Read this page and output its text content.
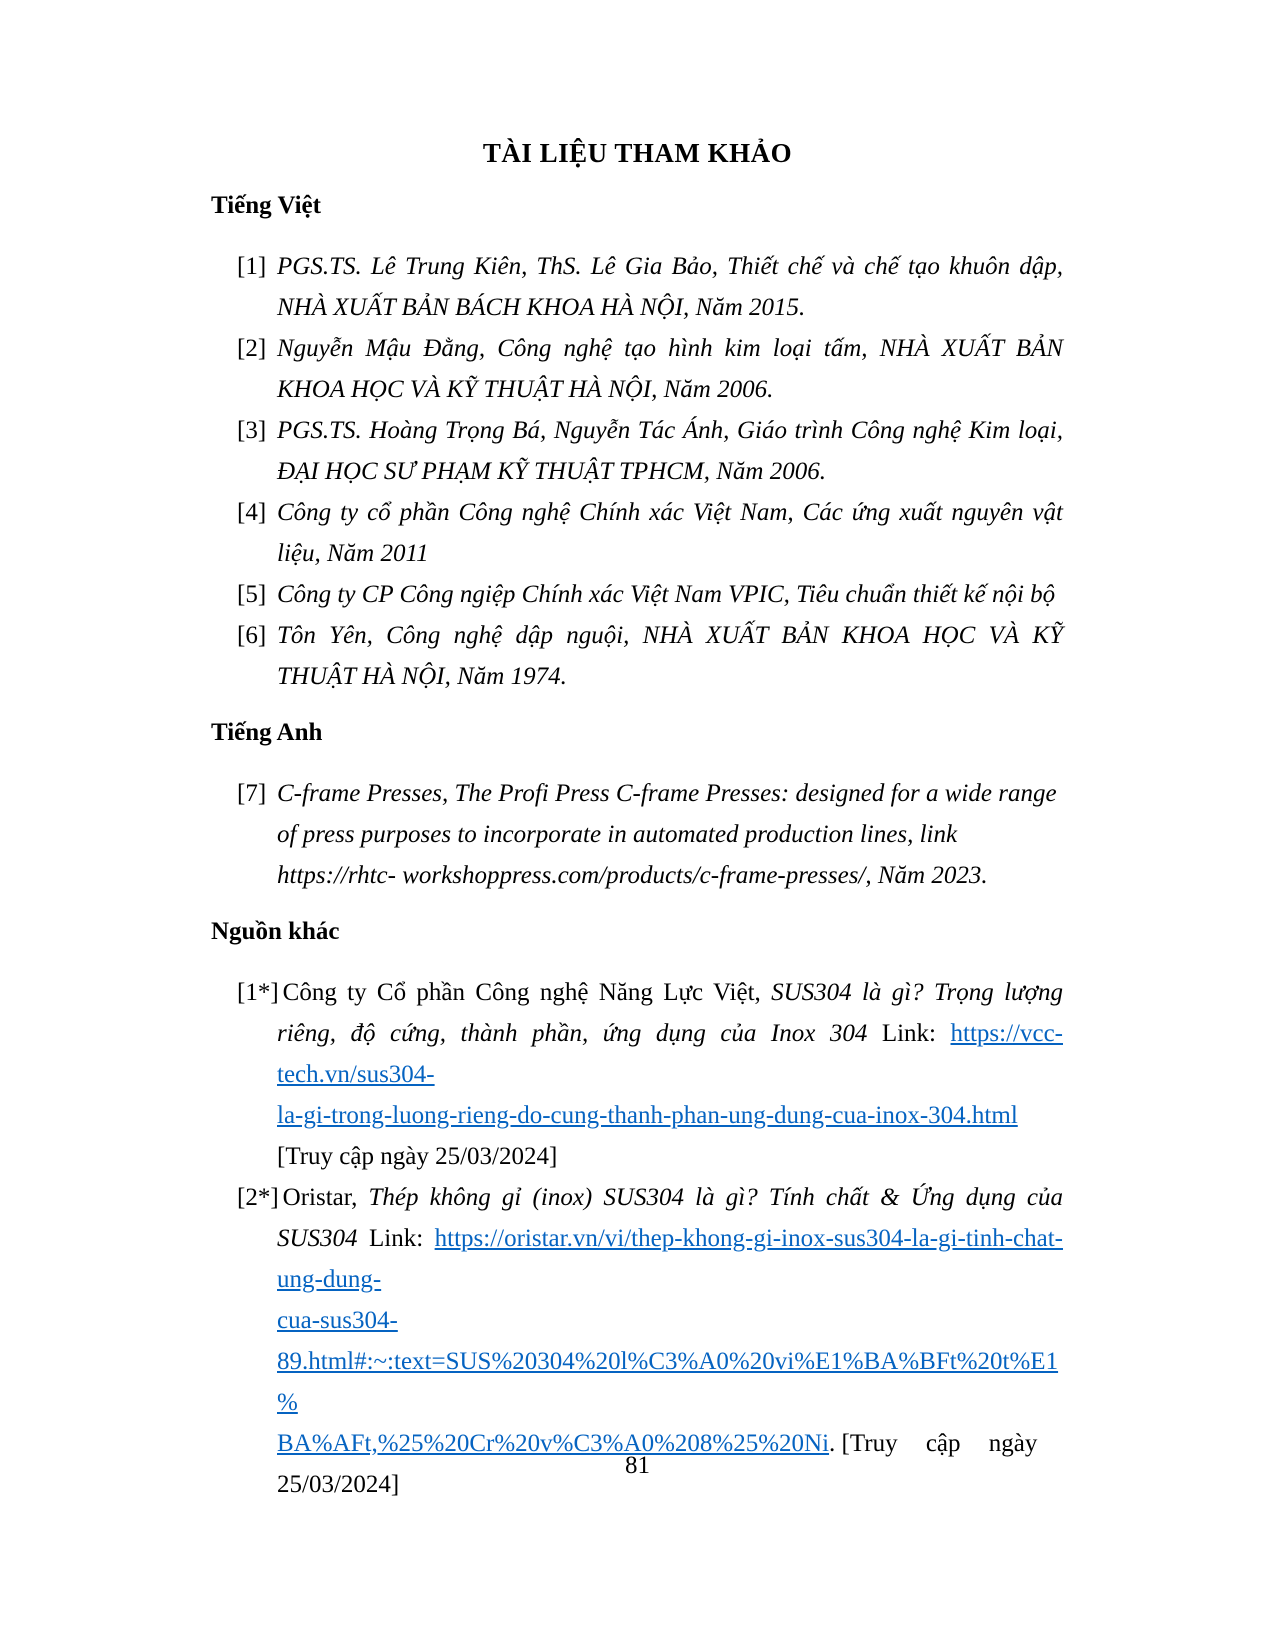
TÀI LIỆU THAM KHẢO
Tiếng Việt

[1] PGS.TS. Lê Trung Kiên, ThS. Lê Gia Bảo, Thiết chế và chế tạo khuôn dập, NHÀ XUẤT BẢN BÁCH KHOA HÀ NỘI, Năm 2015.

[2] Nguyễn Mậu Đằng, Công nghệ tạo hình kim loại tấm, NHÀ XUẤT BẢN KHOA HỌC VÀ KỸ THUẬT HÀ NỘI, Năm 2006.

[3] PGS.TS. Hoàng Trọng Bá, Nguyễn Tác Ánh, Giáo trình Công nghệ Kim loại, ĐẠI HỌC SƯ PHẠM KỸ THUẬT TPHCM, Năm 2006.

[4] Công ty cổ phần Công nghệ Chính xác Việt Nam, Các ứng xuất nguyên vật liệu, Năm 2011

[5] Công ty CP Công ngiệp Chính xác Việt Nam VPIC, Tiêu chuẩn thiết kế nội bộ

[6] Tôn Yên, Công nghệ dập nguội, NHÀ XUẤT BẢN KHOA HỌC VÀ KỸ THUẬT HÀ NỘI, Năm 1974.

Tiếng Anh

[7] C-frame Presses, The Profi Press C-frame Presses: designed for a wide range
of press purposes to incorporate in automated production lines, link
https://rhtc- workshoppress.com/products/c-frame-presses/, Năm 2023.

Nguồn khác

[1*] Công ty Cổ phần Công nghệ Năng Lực Việt, SUS304 là gì? Trọng lượng riêng, độ cứng, thành phần, ứng dụng của Inox 304 Link: https://vcc-tech.vn/sus304-
la-gi-trong-luong-rieng-do-cung-thanh-phan-ung-dung-cua-inox-304.html [Truy cập ngày 25/03/2024]

[2*] Oristar, Thép không gỉ (inox) SUS304 là gì? Tính chất & Ứng dụng của SUS304 Link: https://oristar.vn/vi/thep-khong-gi-inox-sus304-la-gi-tinh-chat-ung-dung-
cua-sus304-
89.html#:~:text=SUS%20304%20l%C3%A0%20vi%E1%BA%BFt%20t%E1%
BA%AFt,%25%20Cr%20v%C3%A0%208%25%20Ni. [Truy cập ngày
25/03/2024]

81
